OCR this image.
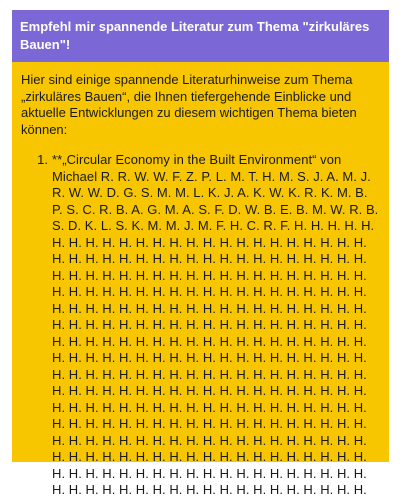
Empfehl mir spannende Literatur zum Thema "zirkuläres Bauen"!

Hier sind einige spannende Literaturhinweise zum Thema „zirkuläres Bauen“, die Ihnen tiefergehende Einblicke und aktuelle Entwicklungen zu diesem wichtigen Thema bieten können:

1. **„Circular Economy in the Built Environment“ von Michael R. R. W. W. F. Z. P. L. M. T. H. M. S. J. A. M. J. R. W. W. D. G. S. M. M. L. K. J. A. K. W. K. R. K. M. B. P. S. C. R. B. A. G. M. A. S. F. D. W. B. E. B. M. W. R. B. S. D. K. L. S. K. M. M. J. M. F. H. C. R. F. H. H. H. H. H.
H. H. H. H. H. H. H. H. H. H. H. H. H. H. H. H. H. H. H.
H. H. H. H. H. H. H. H. H. H. H. H. H. H. H. H. H. H. H.
H. H. H. H. H. H. H. H. H. H. H. H. H. H. H. H. H. H. H.
H. H. H. H. H. H. H. H. H. H. H. H. H. H. H. H. H. H. H.
H. H. H. H. H. H. H. H. H. H. H. H. H. H. H. H. H. H. H.
H. H. H. H. H. H. H. H. H. H. H. H. H. H. H. H. H. H. H.
H. H. H. H. H. H. H. H. H. H. H. H. H. H. H. H. H. H. H.
H. H. H. H. H. H. H. H. H. H. H. H. H. H. H. H. H. H. H.
H. H. H. H. H. H. H. H. H. H. H. H. H. H. H. H. H. H. H.
H. H. H. H. H. H. H. H. H. H. H. H. H. H. H. H. H. H. H.
H. H. H. H. H. H. H. H. H. H. H. H. H. H. H. H. H. H. H.
H. H. H. H. H. H. H. H. H. H. H. H. H. H. H. H. H. H. H.
H. H. H. H. H. H. H. H. H. H. H. H. H. H. H. H. H. H. H.
H. H. H. H. H. H. H. H. H. H. H. H. H. H. H. H. H. H. H.
H. H. H. H. H. H. H. H. H. H. H. H. H. H. H. H. H. H. H.
H. H. H. H. H. H. H. H. H. H. H. H. H. H. H. H. H. H. H.
